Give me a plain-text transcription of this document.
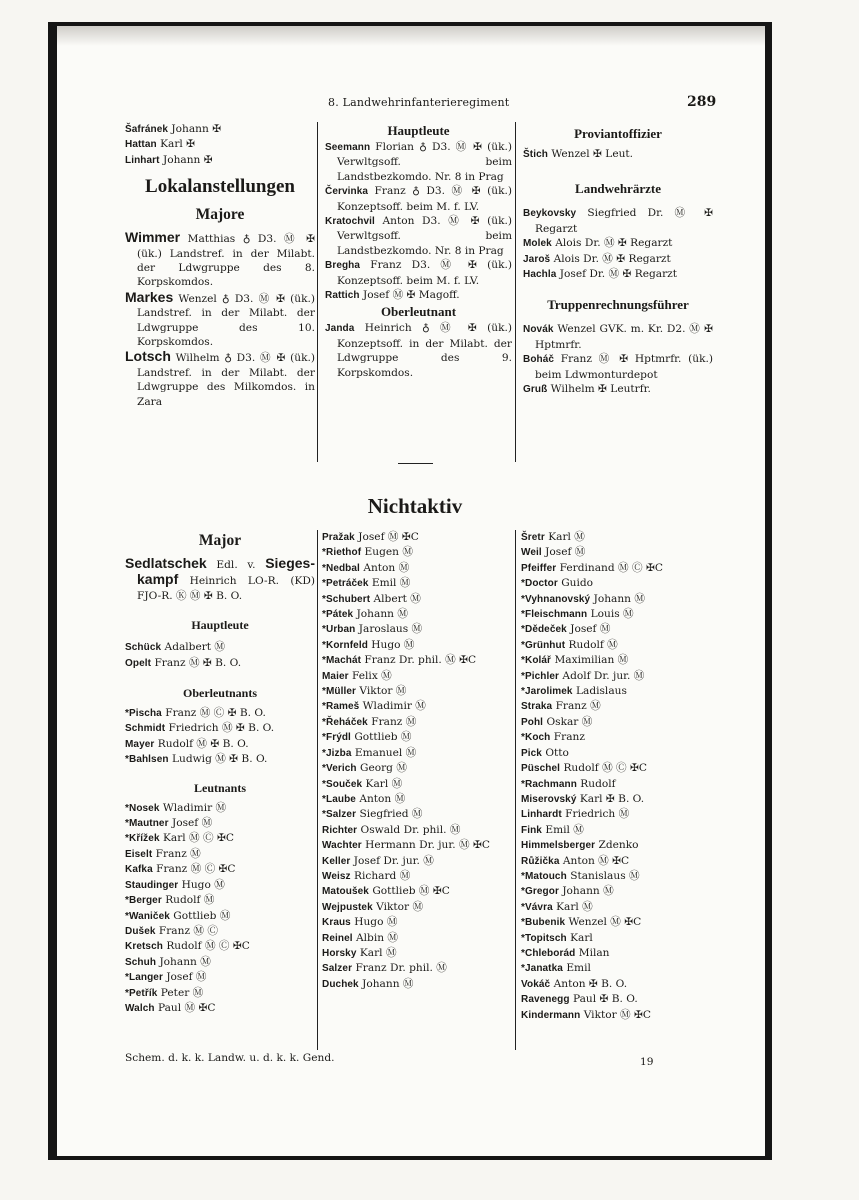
8. Landwehrinfanterieregiment	289

Šafránek Johann ✠

Hattan Karl ✠

Linhart Johann ✠

Lokalanstellungen

Majore

Wimmer Matthias ♁ D3. Ⓜ ✠ (ük.) Landstref. in der Milabt. der Ldwgruppe des 8. Korpskomdos.

Markes Wenzel ♁ D3. Ⓜ ✠ (ük.) Landstref. in der Milabt. der Ldwgruppe des 10. Korpskomdos.

Lotsch Wilhelm ♁ D3. Ⓜ ✠ (ük.) Landstref. in der Milabt. der Ldwgruppe des Milkomdos. in Zara

Hauptleute

Seemann Florian ♁ D3. Ⓜ ✠ (ük.) Verwltgsoff. beim Landstbezkomdo. Nr. 8 in Prag

Červinka Franz ♁ D3. Ⓜ ✠ (ük.) Konzeptsoff. beim M. f. LV.

Kratochvil Anton D3. Ⓜ ✠ (ük.) Verwltgsoff. beim Landstbezkomdo. Nr. 8 in Prag

Bregha Franz D3. Ⓜ ✠ (ük.) Konzeptsoff. beim M. f. LV.

Rattich Josef Ⓜ ✠ Magoff.

Oberleutnant

Janda Heinrich ♁ Ⓜ ✠ (ük.) Konzeptsoff. in der Milabt. der Ldwgruppe des 9. Korpskomdos.

Proviantoffizier

Štich Wenzel ✠ Leut.

Landwehrärzte

Beykovsky Siegfried Dr. Ⓜ ✠ Regarzt

Molek Alois Dr. Ⓜ ✠ Regarzt

Jaroš Alois Dr. Ⓜ ✠ Regarzt

Hachla Josef Dr. Ⓜ ✠ Regarzt

Truppenrechnungsführer

Novák Wenzel GVK. m. Kr. D2. Ⓜ ✠ Hptmrfr.

Boháč Franz Ⓜ ✠ Hptmrfr. (ük.) beim Ldwmonturdepot

Gruß Wilhelm ✠ Leutrfr.

Nichtaktiv

Major

Sedlatschek Edl. v. Sieges-kampf Heinrich LO-R. (KD) FJO-R. Ⓚ Ⓜ ✠ B. O.

Hauptleute

Schück Adalbert Ⓜ

Opelt Franz Ⓜ ✠ B. O.

Oberleutnants

*Pischa Franz Ⓜ Ⓒ ✠ B. O.

Schmidt Friedrich Ⓜ ✠ B. O.

Mayer Rudolf Ⓜ ✠ B. O.

*Bahlsen Ludwig Ⓜ ✠ B. O.

Leutnants

*Nosek Wladimir Ⓜ

*Mautner Josef Ⓜ

*Křížek Karl Ⓜ Ⓒ ✠C

Eiselt Franz Ⓜ

Kafka Franz Ⓜ Ⓒ ✠C

Staudinger Hugo Ⓜ

*Berger Rudolf Ⓜ

*Waniček Gottlieb Ⓜ

Dušek Franz Ⓜ Ⓒ

Kretsch Rudolf Ⓜ Ⓒ ✠C

Schuh Johann Ⓜ

*Langer Josef Ⓜ

*Petřík Peter Ⓜ

Walch Paul Ⓜ ✠C

Pražak Josef Ⓜ ✠C

*Riethof Eugen Ⓜ

*Nedbal Anton Ⓜ

*Petráček Emil Ⓜ

*Schubert Albert Ⓜ

*Pátek Johann Ⓜ

*Urban Jaroslaus Ⓜ

*Kornfeld Hugo Ⓜ

*Machát Franz Dr. phil. Ⓜ ✠C

Maier Felix Ⓜ

*Müller Viktor Ⓜ

*Rameš Wladimir Ⓜ

*Řeháček Franz Ⓜ

*Frýdl Gottlieb Ⓜ

*Jizba Emanuel Ⓜ

*Verich Georg Ⓜ

*Souček Karl Ⓜ

*Laube Anton Ⓜ

*Salzer Siegfried Ⓜ

Richter Oswald Dr. phil. Ⓜ

Wachter Hermann Dr. jur. Ⓜ ✠C

Keller Josef Dr. jur. Ⓜ

Weisz Richard Ⓜ

Matoušek Gottlieb Ⓜ ✠C

Wejpustek Viktor Ⓜ

Kraus Hugo Ⓜ

Reinel Albin Ⓜ

Horsky Karl Ⓜ

Salzer Franz Dr. phil. Ⓜ

Duchek Johann Ⓜ

Šretr Karl Ⓜ

Weil Josef Ⓜ

Pfeiffer Ferdinand Ⓜ Ⓒ ✠C

*Doctor Guido

*Vyhnanovský Johann Ⓜ

*Fleischmann Louis Ⓜ

*Dědeček Josef Ⓜ

*Grünhut Rudolf Ⓜ

*Kolář Maximilian Ⓜ

*Pichler Adolf Dr. jur. Ⓜ

*Jarolimek Ladislaus

Straka Franz Ⓜ

Pohl Oskar Ⓜ

*Koch Franz

Pick Otto

Püschel Rudolf Ⓜ Ⓒ ✠C

*Rachmann Rudolf

Miserovský Karl ✠ B. O.

Linhardt Friedrich Ⓜ

Fink Emil Ⓜ

Himmelsberger Zdenko

Růžička Anton Ⓜ ✠C

*Matouch Stanislaus Ⓜ

*Gregor Johann Ⓜ

*Vávra Karl Ⓜ

*Bubenik Wenzel Ⓜ ✠C

*Topitsch Karl

*Chleborád Milan

*Janatka Emil

Vokáč Anton ✠ B. O.

Ravenegg Paul ✠ B. O.

Kindermann Viktor Ⓜ ✠C

Schem. d. k. k. Landw. u. d. k. k. Gend.	19
